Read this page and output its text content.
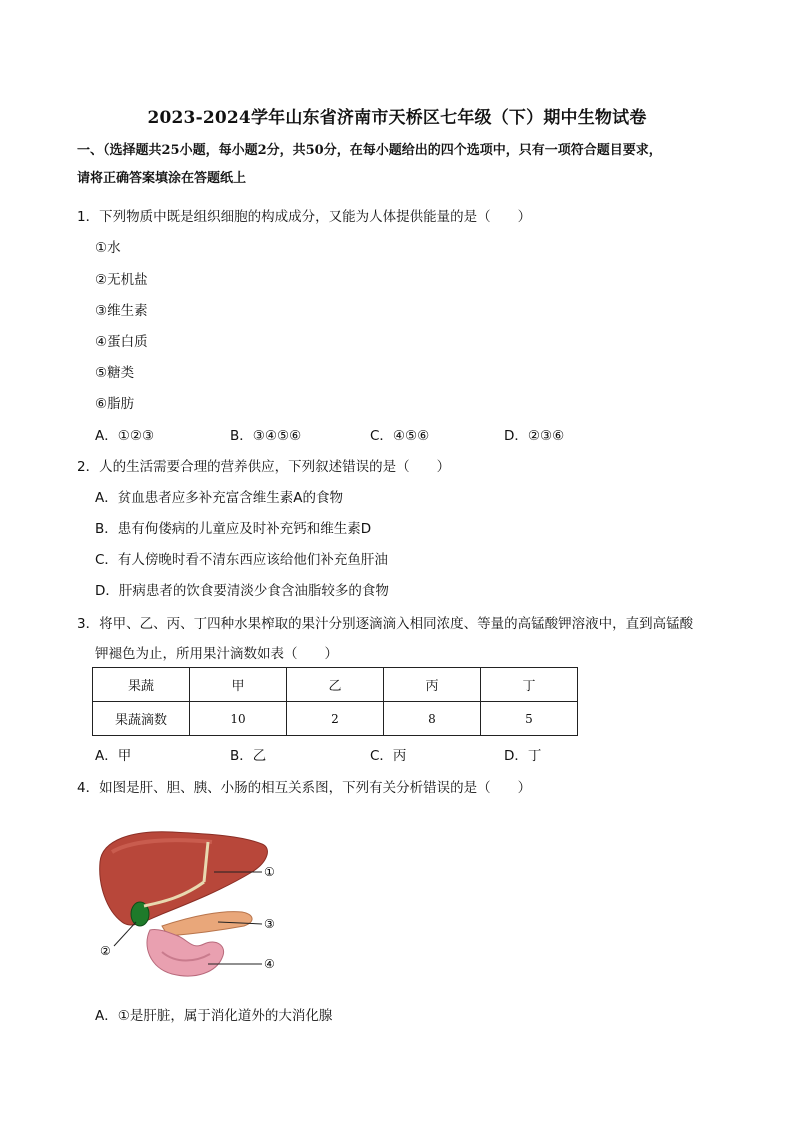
2023-2024学年山东省济南市天桥区七年级（下）期中生物试卷
一、（选择题共25小题，每小题2分，共50分，在每小题给出的四个选项中，只有一项符合题目要求，
请将正确答案填涂在答题纸上
1．下列物质中既是组织细胞的构成成分，又能为人体提供能量的是（　　）
①水
②无机盐
③维生素
④蛋白质
⑤糖类
⑥脂肪
A．①②③	B．③④⑤⑥	C．④⑤⑥	D．②③⑥
2．人的生活需要合理的营养供应，下列叙述错误的是（　　）
A．贫血患者应多补充富含维生素A的食物
B．患有佝偻病的儿童应及时补充钙和维生素D
C．有人傍晚时看不清东西应该给他们补充鱼肝油
D．肝病患者的饮食要清淡少食含油脂较多的食物
3．将甲、乙、丙、丁四种水果榨取的果汁分别逐滴滴入相同浓度、等量的高锰酸钾溶液中，直到高锰酸
钾褪色为止，所用果汁滴数如表（　　）
果蔬	甲	乙	丙	丁
果蔬滴数	10	2	8	5
A．甲	B．乙	C．丙	D．丁
4．如图是肝、胆、胰、小肠的相互关系图，下列有关分析错误的是（　　）
①
②
③
④
A．①是肝脏，属于消化道外的大消化腺
